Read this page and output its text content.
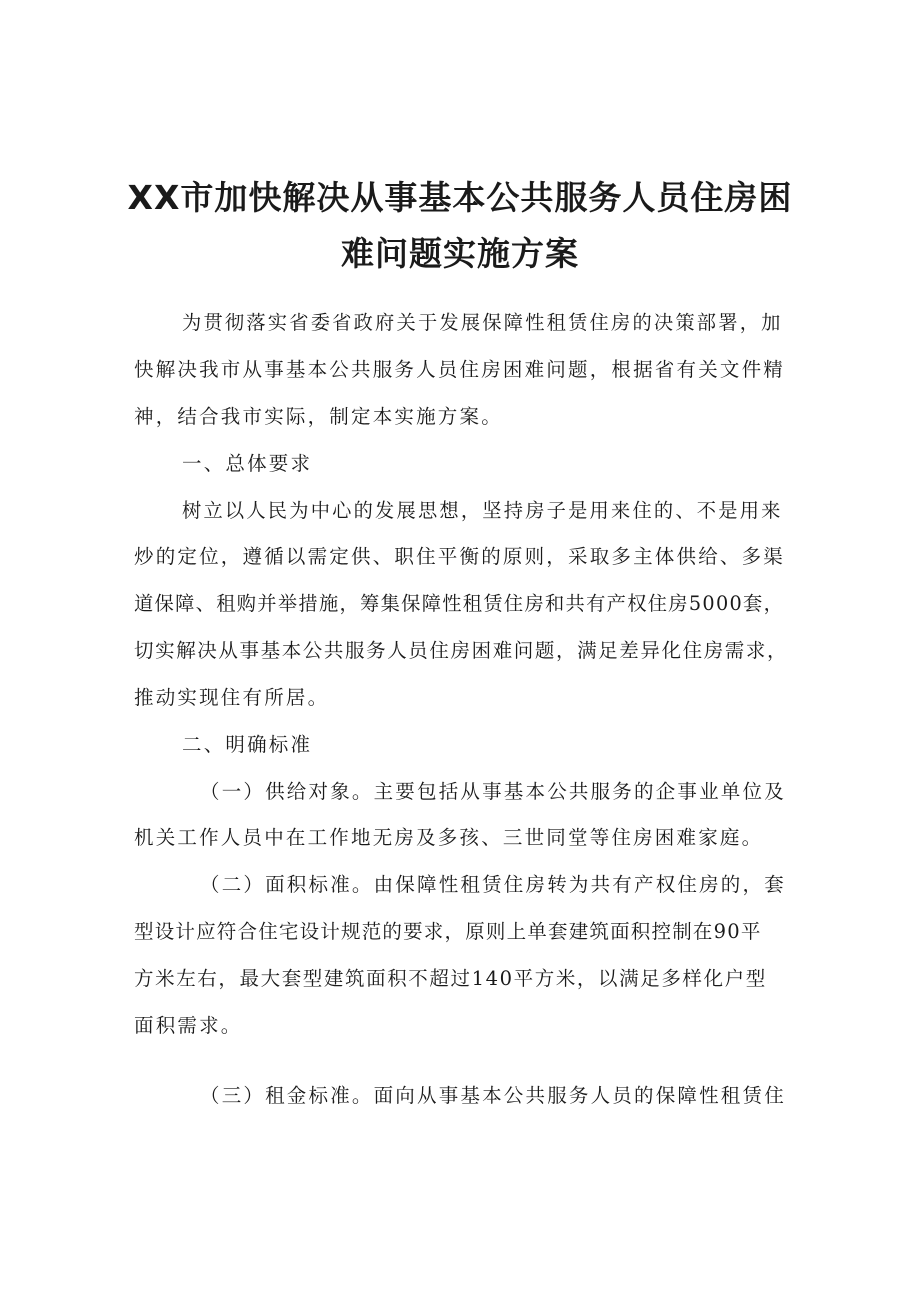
XX市加快解决从事基本公共服务人员住房困
难问题实施方案

为贯彻落实省委省政府关于发展保障性租赁住房的决策部署，加

快解决我市从事基本公共服务人员住房困难问题，根据省有关文件精

神，结合我市实际，制定本实施方案。

一、总体要求

树立以人民为中心的发展思想，坚持房子是用来住的、不是用来

炒的定位，遵循以需定供、职住平衡的原则，采取多主体供给、多渠

道保障、租购并举措施，筹集保障性租赁住房和共有产权住房5000套，

切实解决从事基本公共服务人员住房困难问题，满足差异化住房需求，

推动实现住有所居。

二、明确标准

（一）供给对象。主要包括从事基本公共服务的企事业单位及

机关工作人员中在工作地无房及多孩、三世同堂等住房困难家庭。

（二）面积标准。由保障性租赁住房转为共有产权住房的，套

型设计应符合住宅设计规范的要求，原则上单套建筑面积控制在90平

方米左右，最大套型建筑面积不超过140平方米，以满足多样化户型

面积需求。

（三）租金标准。面向从事基本公共服务人员的保障性租赁住
